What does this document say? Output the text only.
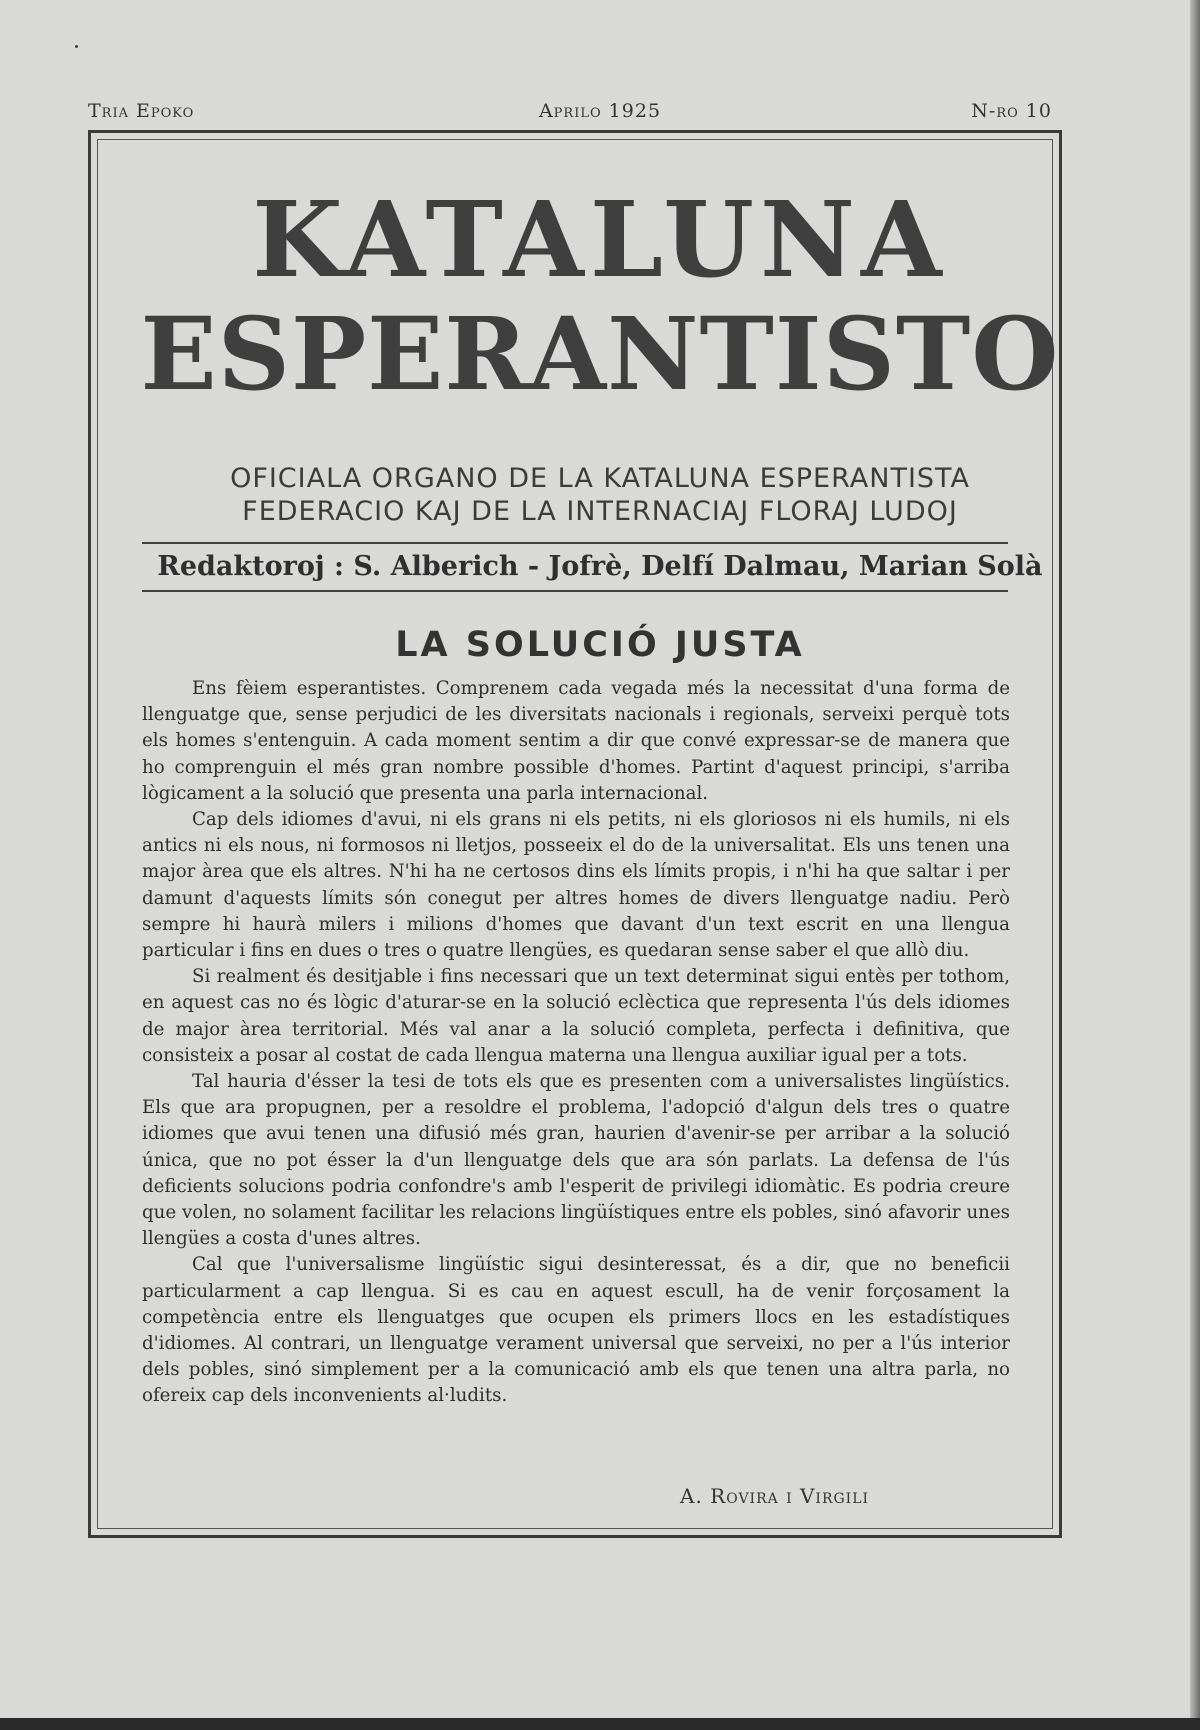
Tria Epoko	Aprilo 1925	N-ro 10
KATALUNA
ESPERANTISTO
OFICIALA ORGANO DE LA KATALUNA ESPERANTISTA
FEDERACIO KAJ DE LA INTERNACIAJ FLORAJ LUDOJ
Redaktoroj : S. Alberich - Jofrè, Delfí Dalmau, Marian Solà
LA SOLUCIÓ JUSTA

Ens fèiem esperantistes. Comprenem cada vegada més la necessitat d'una forma de llenguatge que, sense perjudici de les diversitats nacionals i regionals, serveixi perquè tots els homes s'entenguin. A cada moment sentim a dir que convé expressar-se de manera que ho comprenguin el més gran nombre possible d'homes. Partint d'aquest principi, s'arriba lògicament a la solució que presenta una parla internacional.

Cap dels idiomes d'avui, ni els grans ni els petits, ni els gloriosos ni els humils, ni els antics ni els nous, ni formosos ni lletjos, posseeix el do de la universalitat. Els uns tenen una major àrea que els altres. N'hi ha ne certosos dins els límits propis, i n'hi ha que saltar i per damunt d'aquests límits són conegut per altres homes de divers llenguatge nadiu. Però sempre hi haurà milers i milions d'homes que davant d'un text escrit en una llengua particular i fins en dues o tres o quatre llengües, es quedaran sense saber el que allò diu.

Si realment és desitjable i fins necessari que un text determinat sigui entès per tothom, en aquest cas no és lògic d'aturar-se en la solució eclèctica que representa l'ús dels idiomes de major àrea territorial. Més val anar a la solució completa, perfecta i definitiva, que consisteix a posar al costat de cada llengua materna una llengua auxiliar igual per a tots.

Tal hauria d'ésser la tesi de tots els que es presenten com a universalistes lingüístics. Els que ara propugnen, per a resoldre el problema, l'adopció d'algun dels tres o quatre idiomes que avui tenen una difusió més gran, haurien d'avenir-se per arribar a la solució única, que no pot ésser la d'un llenguatge dels que ara són parlats. La defensa de l'ús deficients solucions podria confondre's amb l'esperit de privilegi idiomàtic. Es podria creure que volen, no solament facilitar les relacions lingüístiques entre els pobles, sinó afavorir unes llengües a costa d'unes altres.

Cal que l'universalisme lingüístic sigui desinteressat, és a dir, que no beneficii particularment a cap llengua. Si es cau en aquest escull, ha de venir forçosament la competència entre els llenguatges que ocupen els primers llocs en les estadístiques d'idiomes. Al contrari, un llenguatge verament universal que serveixi, no per a l'ús interior dels pobles, sinó simplement per a la comunicació amb els que tenen una altra parla, no ofereix cap dels inconvenients al·ludits.

A. Rovira i Virgili
